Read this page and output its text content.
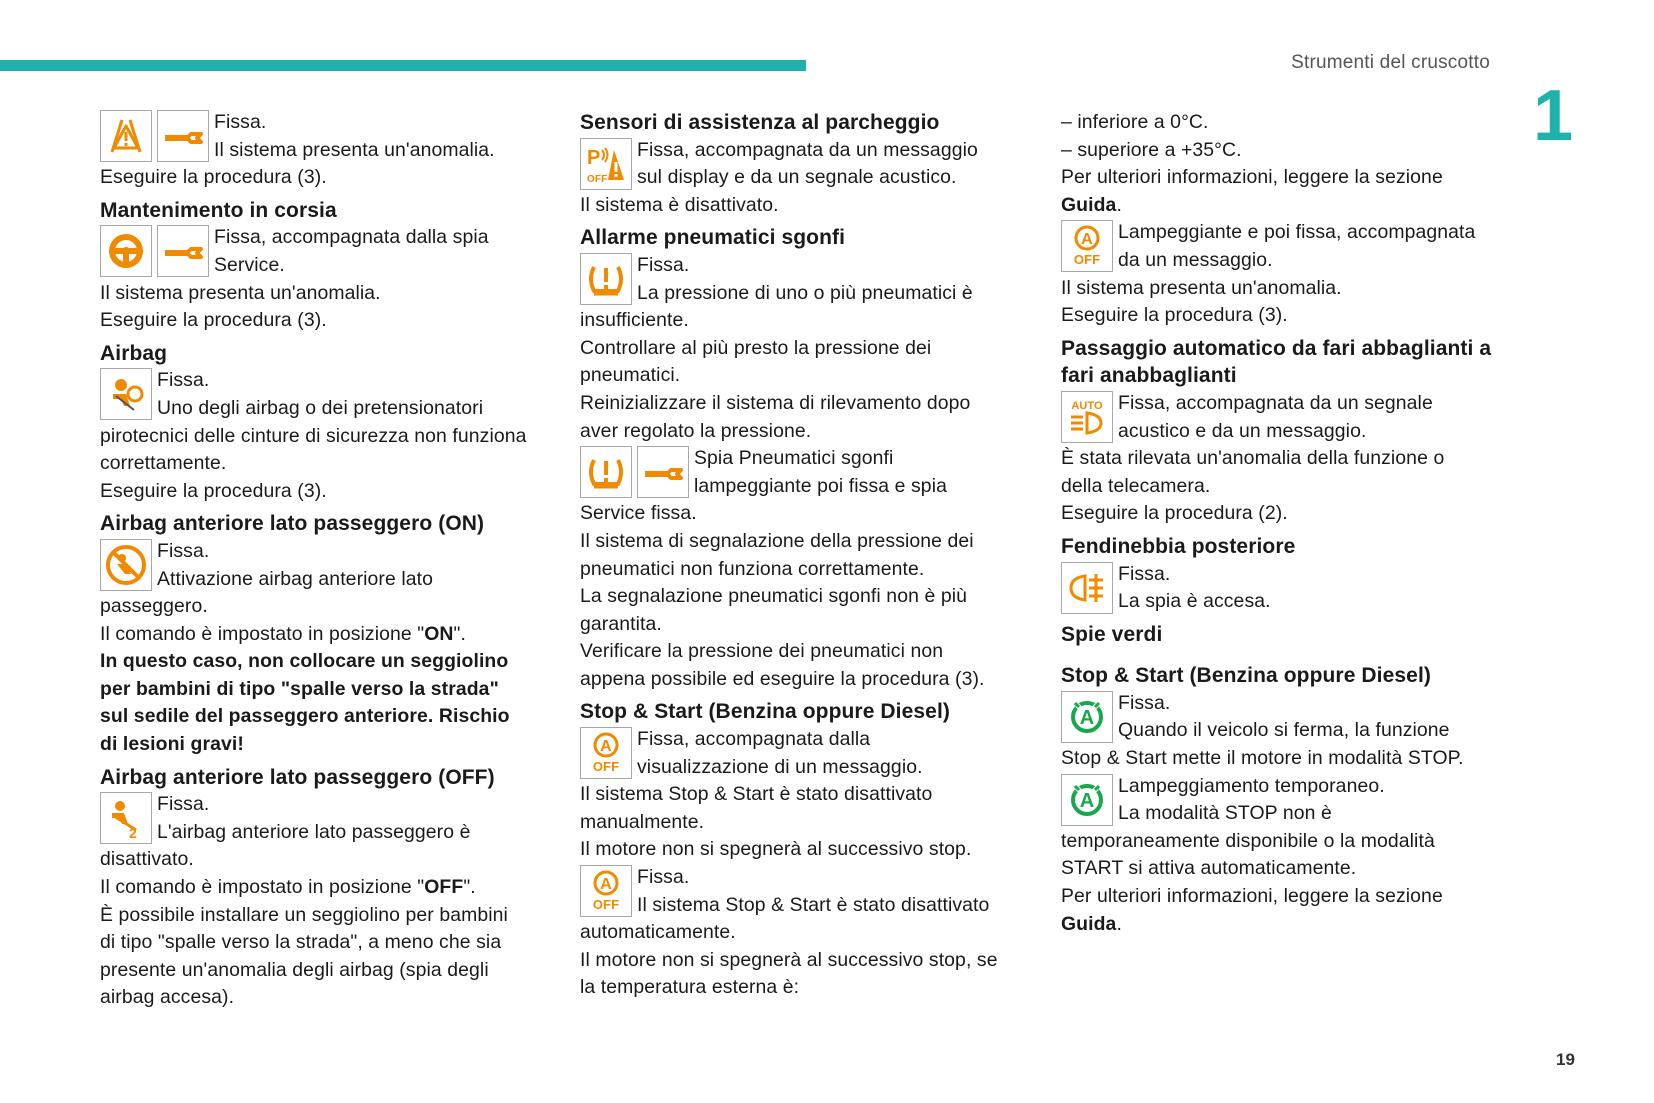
Strumenti del cruscotto
1
19

Fissa.

Il sistema presenta un'anomalia.

Eseguire la procedura (3).

Mantenimento in corsia

Fissa, accompagnata dalla spia

Service.

Il sistema presenta un'anomalia.

Eseguire la procedura (3).

Airbag
Fissa.
Uno degli airbag o dei pretensionatori
pirotecnici delle cinture di sicurezza non funziona
correttamente.
Eseguire la procedura (3).
Airbag anteriore lato passeggero (ON)
Fissa.
Attivazione airbag anteriore lato
passeggero.
Il comando è impostato in posizione "ON".
In questo caso, non collocare un seggiolino
per bambini di tipo "spalle verso la strada"
sul sedile del passeggero anteriore. Rischio
di lesioni gravi!
Airbag anteriore lato passeggero (OFF)
Fissa.
L'airbag anteriore lato passeggero è
disattivato.
Il comando è impostato in posizione "OFF".
È possibile installare un seggiolino per bambini
di tipo "spalle verso la strada", a meno che sia
presente un'anomalia degli airbag (spia degli
airbag accesa).
Sensori di assistenza al parcheggio
OFF
Fissa, accompagnata da un messaggio
sul display e da un segnale acustico.
Il sistema è disattivato.
Allarme pneumatici sgonfi
Fissa.
La pressione di uno o più pneumatici è
insufficiente.
Controllare al più presto la pressione dei
pneumatici.
Reinizializzare il sistema di rilevamento dopo
aver regolato la pressione.
Spia Pneumatici sgonfi
lampeggiante poi fissa e spia
Service fissa.
Il sistema di segnalazione della pressione dei
pneumatici non funziona correttamente.
La segnalazione pneumatici sgonfi non è più
garantita.
Verificare la pressione dei pneumatici non
appena possibile ed eseguire la procedura (3).
Stop & Start (Benzina oppure Diesel)
OFF
Fissa, accompagnata dalla
visualizzazione di un messaggio.
Il sistema Stop & Start è stato disattivato
manualmente.
Il motore non si spegnerà al successivo stop.
OFF
Fissa.
Il sistema Stop & Start è stato disattivato
automaticamente.
Il motore non si spegnerà al successivo stop, se
la temperatura esterna è:
– inferiore a 0°C.
– superiore a +35°C.
Per ulteriori informazioni, leggere la sezione
Guida.
OFF
Lampeggiante e poi fissa, accompagnata
da un messaggio.
Il sistema presenta un'anomalia.
Eseguire la procedura (3).
Passaggio automatico da fari abbaglianti a
fari anabbaglianti
AUTO Fissa, accompagnata da un segnale
acustico e da un messaggio.
È stata rilevata un'anomalia della funzione o
della telecamera.
Eseguire la procedura (2).
Fendinebbia posteriore
Fissa.
La spia è accesa.
Spie verdi
Stop & Start (Benzina oppure Diesel)
Fissa.
Quando il veicolo si ferma, la funzione
Stop & Start mette il motore in modalità STOP.
Lampeggiamento temporaneo.
La modalità STOP non è
temporaneamente disponibile o la modalità
START si attiva automaticamente.
Per ulteriori informazioni, leggere la sezione
Guida.
